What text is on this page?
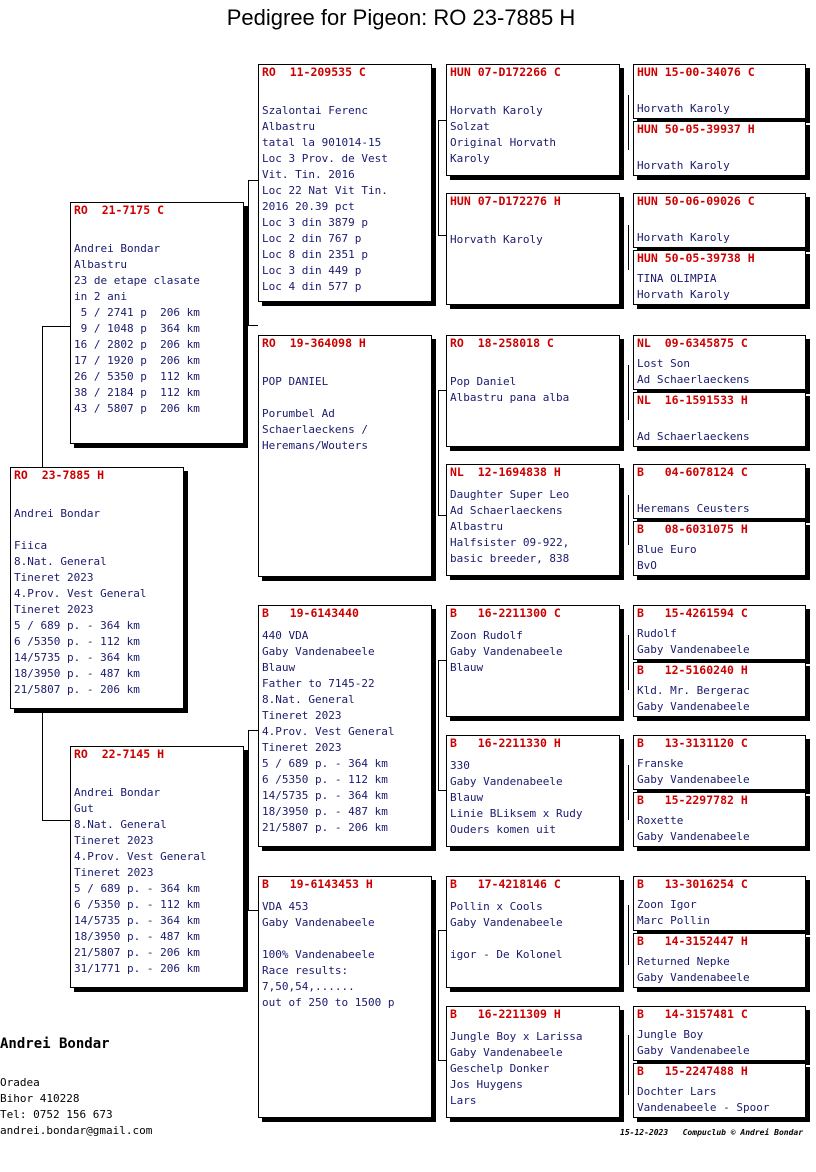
Pedigree for Pigeon: RO 23-7885 H
RO  23-7885 H

Andrei Bondar

Fiica
8.Nat. General
Tineret 2023
4.Prov. Vest General
Tineret 2023
5 / 689 p. - 364 km
6 /5350 p. - 112 km
14/5735 p. - 364 km
18/3950 p. - 487 km
21/5807 p. - 206 km
RO  21-7175 C

Andrei Bondar
Albastru
23 de etape clasate
in 2 ani
5 / 2741 p  206 km
9 / 1048 p  364 km
16 / 2802 p  206 km
17 / 1920 p  206 km
26 / 5350 p  112 km
38 / 2184 p  112 km
43 / 5807 p  206 km
RO  22-7145 H

Andrei Bondar
Gut
8.Nat. General
Tineret 2023
4.Prov. Vest General
Tineret 2023
5 / 689 p. - 364 km
6 /5350 p. - 112 km
14/5735 p. - 364 km
18/3950 p. - 487 km
21/5807 p. - 206 km
31/1771 p. - 206 km
RO  11-209535 C

Szalontai Ferenc
Albastru
tatal la 901014-15
Loc 3 Prov. de Vest
Vit. Tin. 2016
Loc 22 Nat Vit Tin.
2016 20.39 pct
Loc 3 din 3879 p
Loc 2 din 767 p
Loc 8 din 2351 p
Loc 3 din 449 p
Loc 4 din 577 p
RO  19-364098 H

POP DANIEL

Porumbel Ad
Schaerlaeckens /
Heremans/Wouters
B   19-6143440
440 VDA
Gaby Vandenabeele
Blauw
Father to 7145-22
8.Nat. General
Tineret 2023
4.Prov. Vest General
Tineret 2023
5 / 689 p. - 364 km
6 /5350 p. - 112 km
14/5735 p. - 364 km
18/3950 p. - 487 km
21/5807 p. - 206 km
B   19-6143453 H
VDA 453
Gaby Vandenabeele

100% Vandenabeele
Race results:
7,50,54,......
out of 250 to 1500 p
HUN 07-D172266 C

Horvath Karoly
Solzat
Original Horvath
Karoly
HUN 07-D172276 H

Horvath Karoly
RO  18-258018 C

Pop Daniel
Albastru pana alba
NL  12-1694838 H
Daughter Super Leo
Ad Schaerlaeckens
Albastru
Halfsister 09-922,
basic breeder, 838
B   16-2211300 C
Zoon Rudolf
Gaby Vandenabeele
Blauw
B   16-2211330 H
330
Gaby Vandenabeele
Blauw
Linie BLiksem x Rudy
Ouders komen uit
B   17-4218146 C
Pollin x Cools
Gaby Vandenabeele

igor - De Kolonel
B   16-2211309 H
Jungle Boy x Larissa
Gaby Vandenabeele
Geschelp Donker
Jos Huygens
Lars
HUN 15-00-34076 C

Horvath Karoly
HUN 50-05-39937 H

Horvath Karoly
HUN 50-06-09026 C

Horvath Karoly
HUN 50-05-39738 H
TINA OLIMPIA
Horvath Karoly
NL  09-6345875 C
Lost Son
Ad Schaerlaeckens
NL  16-1591533 H

Ad Schaerlaeckens
B   04-6078124 C

Heremans Ceusters
B   08-6031075 H
Blue Euro
BvO
B   15-4261594 C
Rudolf
Gaby Vandenabeele
B   12-5160240 H
Kld. Mr. Bergerac
Gaby Vandenabeele
B   13-3131120 C
Franske
Gaby Vandenabeele
B   15-2297782 H
Roxette
Gaby Vandenabeele
B   13-3016254 C
Zoon Igor
Marc Pollin
B   14-3152447 H
Returned Nepke
Gaby Vandenabeele
B   14-3157481 C
Jungle Boy
Gaby Vandenabeele
B   15-2247488 H
Dochter Lars
Vandenabeele - Spoor
Andrei Bondar
Oradea
Bihor 410228
Tel: 0752 156 673
andrei.bondar@gmail.com	15-12-2023   Compuclub © Andrei Bondar
